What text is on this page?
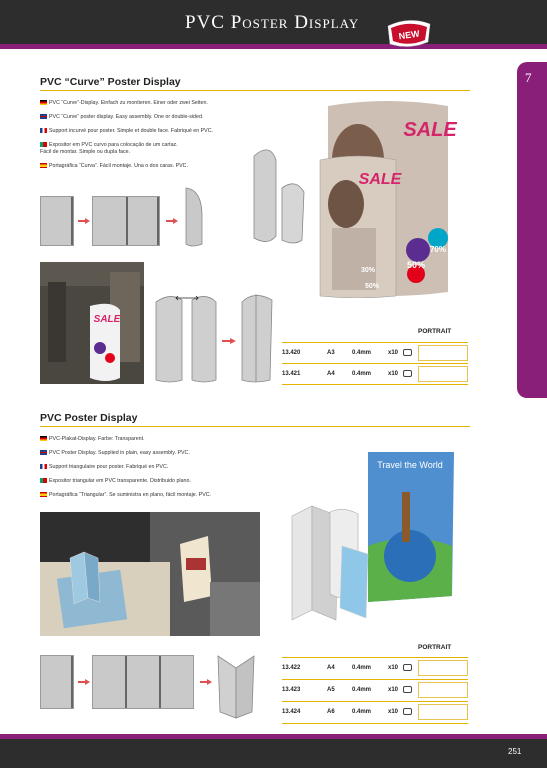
PVC Poster Display
NEW
7
PVC “Curve” Poster Display
PVC “Curve”-Display. Einfach zu montieren. Einer oder zwei Seiten.
PVC “Curve” poster display. Easy assembly. One or double-sided.
Support incurvé pour poster. Simple et double face. Fabriqué en PVC.
Expositor em PVC curvo para colocação de um cartaz.
Fácil de montar. Simple ou dupla face.
Portagráfica “Curva”. Fácil montaje. Una o dos caras. PVC.
SALE
SALE
70%
50%
30%
50%
SALE
PORTRAIT
13.420	A3	0.4mm	x10
13.421	A4	0.4mm	x10
PVC Poster Display
PVC-Plakat-Display. Farbe: Transparent.
PVC Poster Display. Supplied in plain, easy assembly. PVC.
Support triangulaire pour poster. Fabriqué en PVC.
Expositor triangular em PVC transparente. Distribuido plano.
Portagráfica “Triangular”. Se suministra en plano, fácil montaje. PVC.
Travel the World
PORTRAIT
13.422	A4	0.4mm	x10
13.423	A5	0.4mm	x10
13.424	A6	0.4mm	x10
251
